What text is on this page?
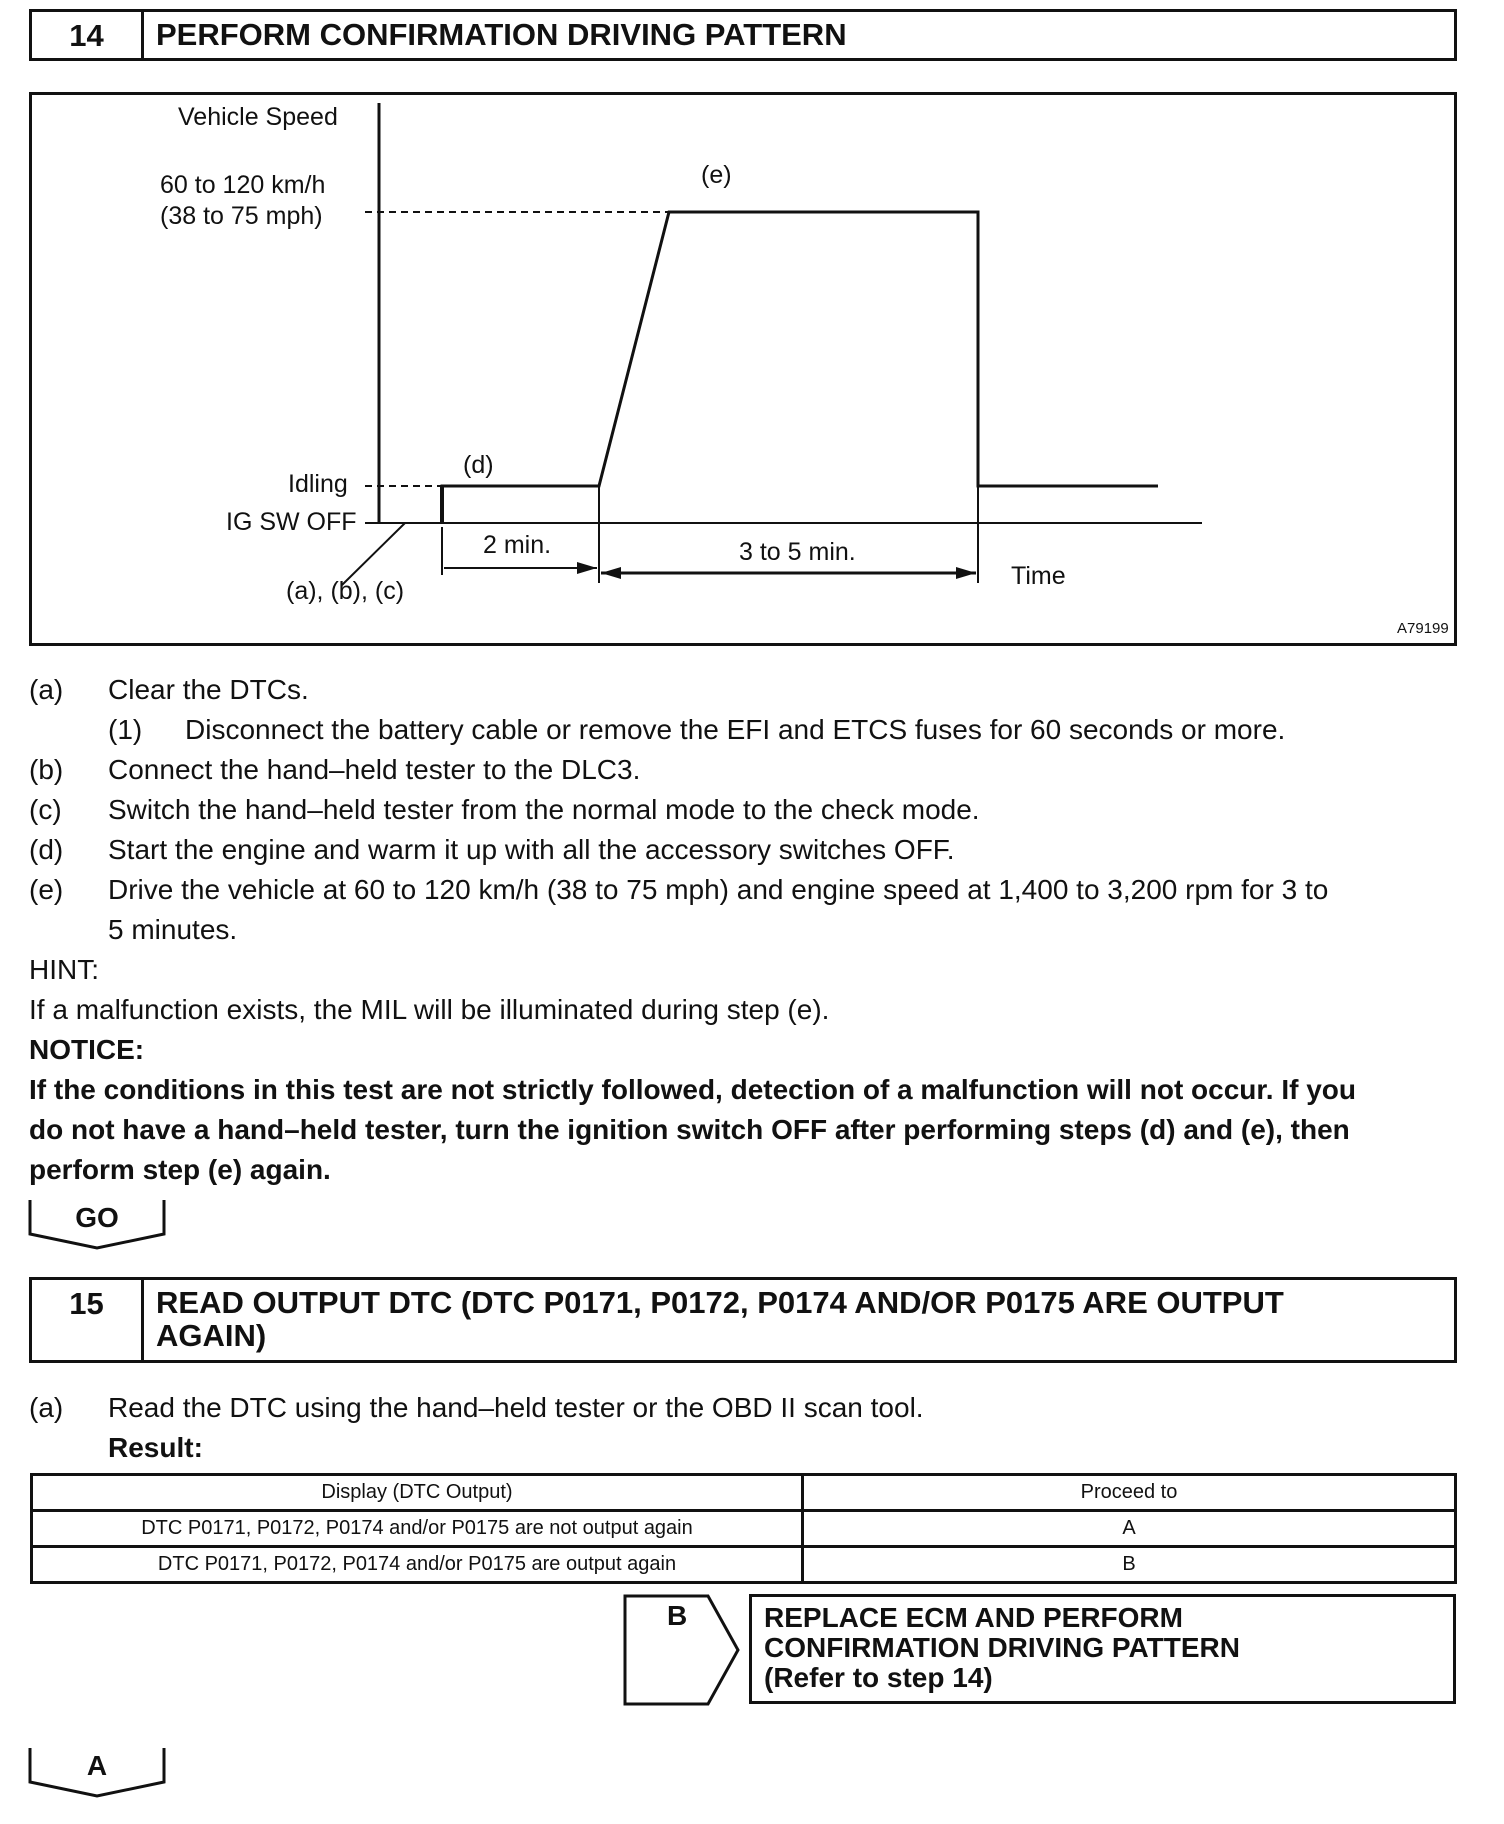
14	PERFORM CONFIRMATION DRIVING PATTERN
Vehicle Speed
60 to 120 km/h
(38 to 75 mph)
(e)
Idling
(d)
IG SW OFF
2 min.	3 to 5 min.
Time
(a), (b), (c)
A79199
(a) Clear the DTCs.
(1) Disconnect the battery cable or remove the EFI and ETCS fuses for 60 seconds or more.
(b) Connect the hand–held tester to the DLC3.
(c) Switch the hand–held tester from the normal mode to the check mode.
(d) Start the engine and warm it up with all the accessory switches OFF.
(e) Drive the vehicle at 60 to 120 km/h (38 to 75 mph) and engine speed at 1,400 to 3,200 rpm for 3 to
5 minutes.
HINT:
If a malfunction exists, the MIL will be illuminated during step (e).
NOTICE:
If the conditions in this test are not strictly followed, detection of a malfunction will not occur. If you
do not have a hand–held tester, turn the ignition switch OFF after performing steps (d) and (e), then
perform step (e) again.
GO
15	READ OUTPUT DTC (DTC P0171, P0172, P0174 AND/OR P0175 ARE OUTPUT
AGAIN)
(a) Read the DTC using the hand–held tester or the OBD II scan tool.
Result:
Display (DTC Output)	Proceed to
DTC P0171, P0172, P0174 and/or P0175 are not output again	A
DTC P0171, P0172, P0174 and/or P0175 are output again	B
B	REPLACE ECM AND PERFORM
CONFIRMATION DRIVING PATTERN
(Refer to step 14)
A
